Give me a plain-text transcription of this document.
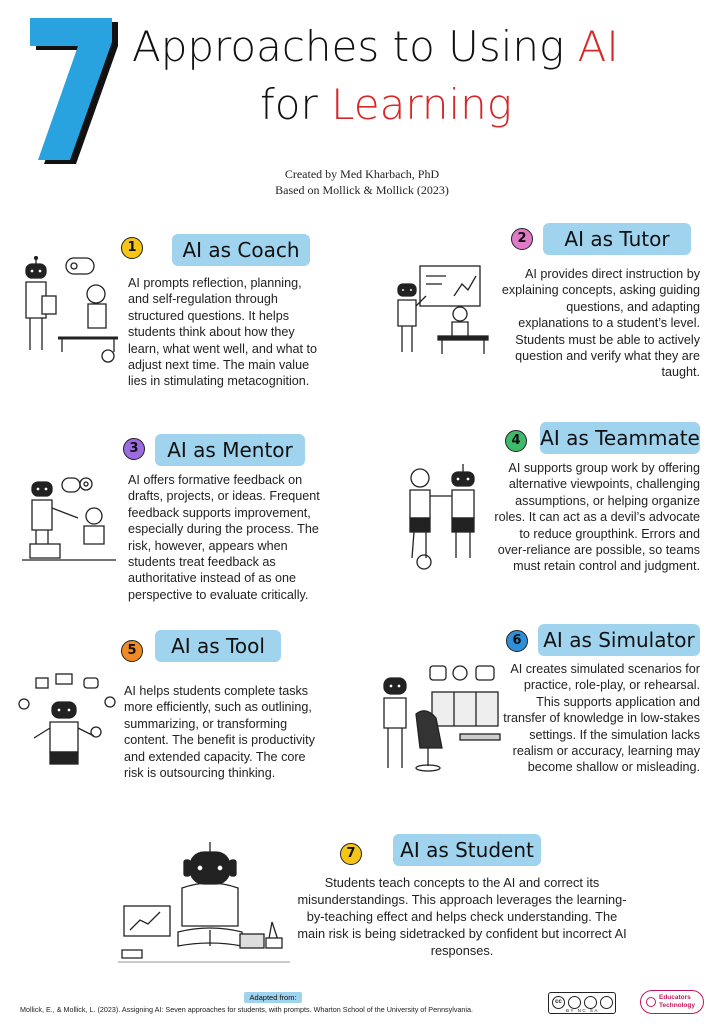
7
Approaches to Using AI
for Learning
Created by Med Kharbach, PhD
Based on Mollick & Mollick (2023)
1	AI as Coach
AI prompts reflection, planning, and self-regulation through structured questions. It helps students think about how they learn, what went well, and what to adjust next time. The main value lies in stimulating metacognition.
2	AI as Tutor
AI provides direct instruction by explaining concepts, asking guiding questions, and adapting explanations to a student’s level. Students must be able to actively question and verify what they are taught.
3	AI as Mentor
AI offers formative feedback on drafts, projects, or ideas. Frequent feedback supports improvement, especially during the process. The risk, however, appears when students treat feedback as authoritative instead of as one perspective to evaluate critically.
4 AI as Teammate
AI supports group work by offering alternative viewpoints, challenging assumptions, or helping organize roles. It can act as a devil’s advocate to reduce groupthink. Errors and over-reliance are possible, so teams must retain control and judgment.
5	AI as Tool
AI helps students complete tasks more efficiently, such as outlining, summarizing, or transforming content. The benefit is productivity and extended capacity. The core risk is outsourcing thinking.
6	AI as Simulator
AI creates simulated scenarios for practice, role-play, or rehearsal. This supports application and transfer of knowledge in low-stakes settings. If the simulation lacks realism or accuracy, learning may become shallow or misleading.
7	AI as Student
Students teach concepts to the AI and correct its misunderstandings. This approach leverages the learning-by-teaching effect and helps check understanding. The main risk is being sidetracked by confident but incorrect AI responses.
Adapted from:
Mollick, E., & Mollick, L. (2023). Assigning AI: Seven approaches for students, with prompts. Wharton School of the University of Pennsylvania.
cc
BY NC SA
Educators
Technology
